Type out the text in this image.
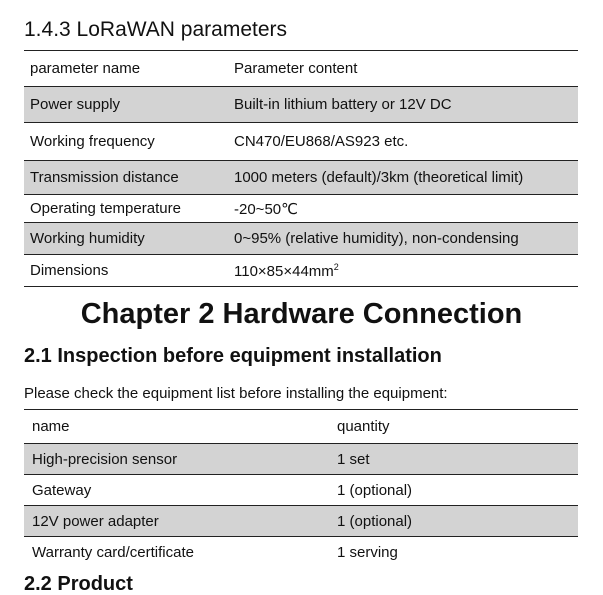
1.4.3 LoRaWAN parameters
parameter name	Parameter content
Power supply	Built-in lithium battery or 12V DC
Working frequency	CN470/EU868/AS923 etc.
Transmission distance	1000 meters (default)/3km (theoretical limit)
Operating temperature	-20~50℃
Working humidity	0~95% (relative humidity), non-condensing
Dimensions	$110\times 85\times 44mm^2$
Chapter 2 Hardware Connection
2.1 Inspection before equipment installation

Please check the equipment list before installing the equipment:

name	quantity
High-precision sensor	1 set
Gateway	1 (optional)
12V power adapter	1 (optional)
Warranty card/certificate	1 serving
2.2 Product
